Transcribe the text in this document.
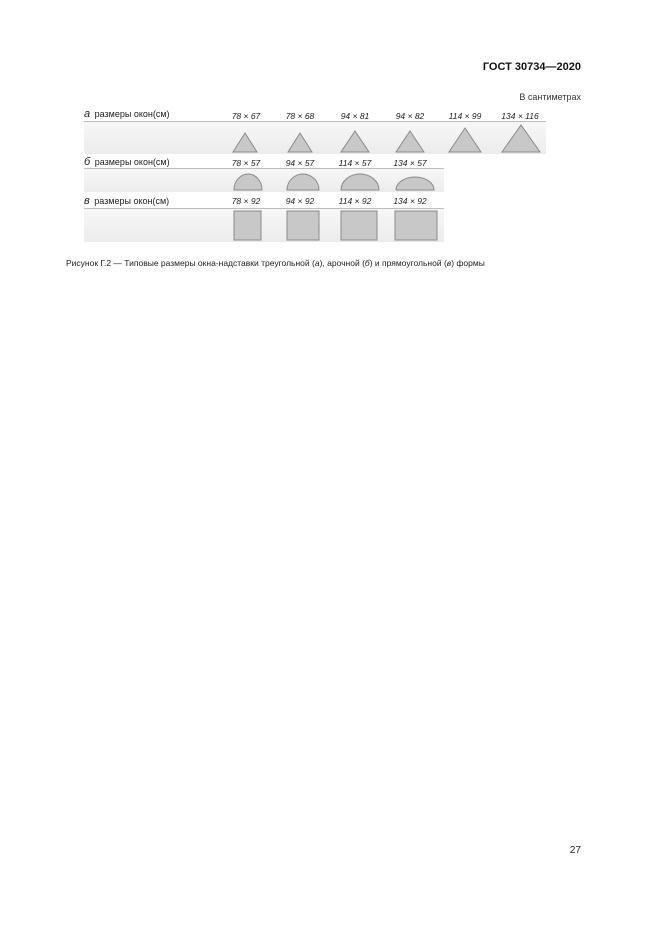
ГОСТ 30734—2020
В сантиметрах
а размеры окон(см)	78 × 67	78 × 68	94 × 81	94 × 82	114 × 99	134 × 116
б размеры окон(см)	78 × 57	94 × 57	114 × 57	134 × 57
в размеры окон(см)	78 × 92	94 × 92	114 × 92	134 × 92
Рисунок Г.2 — Типовые размеры окна-надставки треугольной (а), арочной (б) и прямоугольной (в) формы
27
